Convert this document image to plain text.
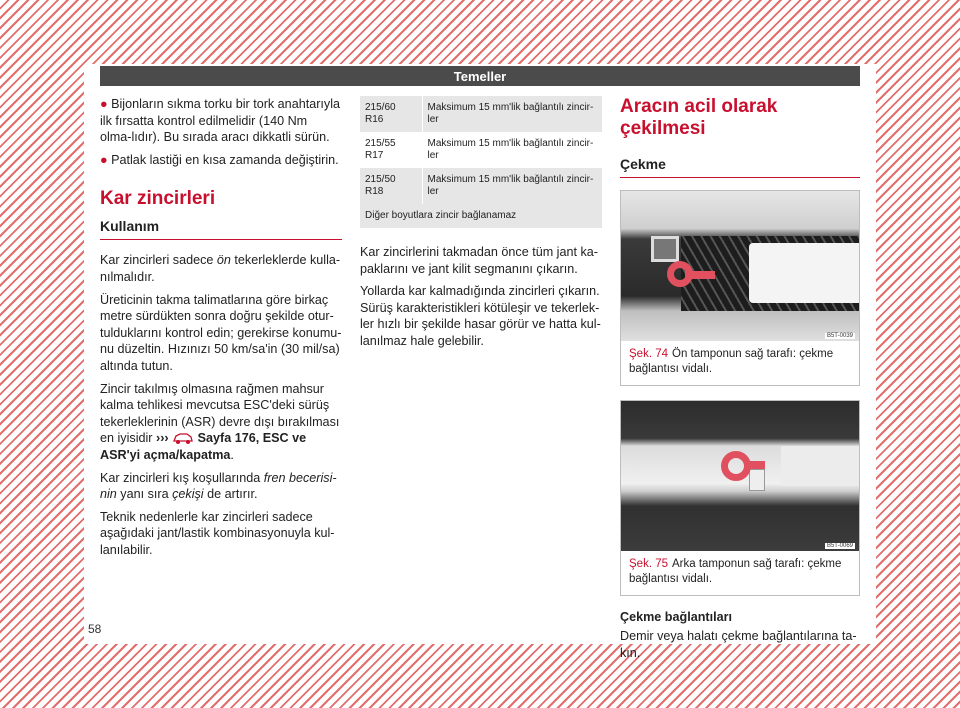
Temeller
● Bijonların sıkma torku bir tork anahtarıyla ilk fırsatta kontrol edilmelidir (140 Nm olma-lıdır). Bu sırada aracı dikkatli sürün.
● Patlak lastiği en kısa zamanda değiştirin.
Kar zincirleri
Kullanım

Kar zincirleri sadece ön tekerleklerde kulla-nılmalıdır.

Üreticinin takma talimatlarına göre birkaç metre sürdükten sonra doğru şekilde otur-tulduklarını kontrol edin; gerekirse konumu-nu düzeltin. Hızınızı 50 km/sa'in (30 mil/sa) altında tutun.

Zincir takılmış olmasına rağmen mahsur kalma tehlikesi mevcutsa ESC'deki sürüş tekerleklerinin (ASR) devre dışı bırakılması en iyisidir ›››  Sayfa 176, ESC ve ASR'yi açma/kapatma.

Kar zincirleri kış koşullarında fren becerisi-nin yanı sıra çekişi de artırır.

Teknik nedenlerle kar zincirleri sadece aşağıdaki jant/lastik kombinasyonuyla kul-lanılabilir.

215/60 R16	Maksimum 15 mm'lik bağlantılı zincir-ler
215/55 R17	Maksimum 15 mm'lik bağlantılı zincir-ler
215/50 R18	Maksimum 15 mm'lik bağlantılı zincir-ler
Diğer boyutlara zincir bağlanamaz	

Kar zincirlerini takmadan önce tüm jant ka-paklarını ve jant kilit segmanını çıkarın.

Yollarda kar kalmadığında zincirleri çıkarın. Sürüş karakteristikleri kötüleşir ve tekerlek-ler hızlı bir şekilde hasar görür ve hatta kul-lanılmaz hale gelebilir.

Aracın acil olarak çekilmesi
Çekme
B5T-0039
Şek. 74 Ön tamponun sağ tarafı: çekme bağlantısı vidalı.
B5T-0069
Şek. 75 Arka tamponun sağ tarafı: çekme bağlantısı vidalı.
Çekme bağlantıları

Demir veya halatı çekme bağlantılarına ta-kın.

58
